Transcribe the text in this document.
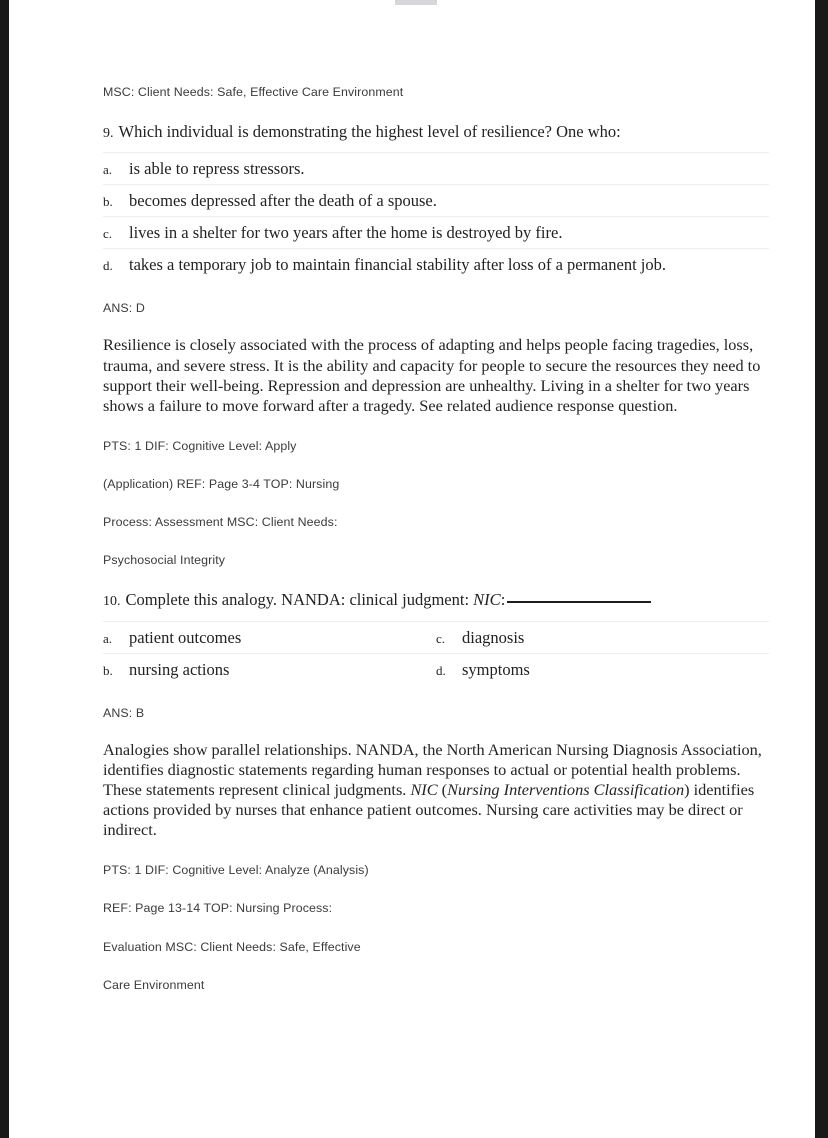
MSC: Client Needs: Safe, Effective Care Environment
9. Which individual is demonstrating the highest level of resilience? One who:
a.	is able to repress stressors.
b. becomes depressed after the death of a spouse.
c.	lives in a shelter for two years after the home is destroyed by fire.
d. takes a temporary job to maintain financial stability after loss of a permanent job.
ANS: D
Resilience is closely associated with the process of adapting and helps people facing tragedies, loss, trauma, and severe stress. It is the ability and capacity for people to secure the resources they need to support their well-being. Repression and depression are unhealthy. Living in a shelter for two years shows a failure to move forward after a tragedy. See related audience response question.
PTS: 1 DIF: Cognitive Level: Apply
(Application) REF: Page 3-4 TOP: Nursing
Process: Assessment MSC: Client Needs:
Psychosocial Integrity
10. Complete this analogy. NANDA: clinical judgment: NIC:
a.	patient outcomes	c.	diagnosis
b. nursing actions	d. symptoms
ANS: B
Analogies show parallel relationships. NANDA, the North American Nursing Diagnosis Association, identifies diagnostic statements regarding human responses to actual or potential health problems. These statements represent clinical judgments. NIC (Nursing Interventions Classification) identifies actions provided by nurses that enhance patient outcomes. Nursing care activities may be direct or indirect.
PTS: 1 DIF: Cognitive Level: Analyze (Analysis)
REF: Page 13-14 TOP: Nursing Process:
Evaluation MSC: Client Needs: Safe, Effective
Care Environment
